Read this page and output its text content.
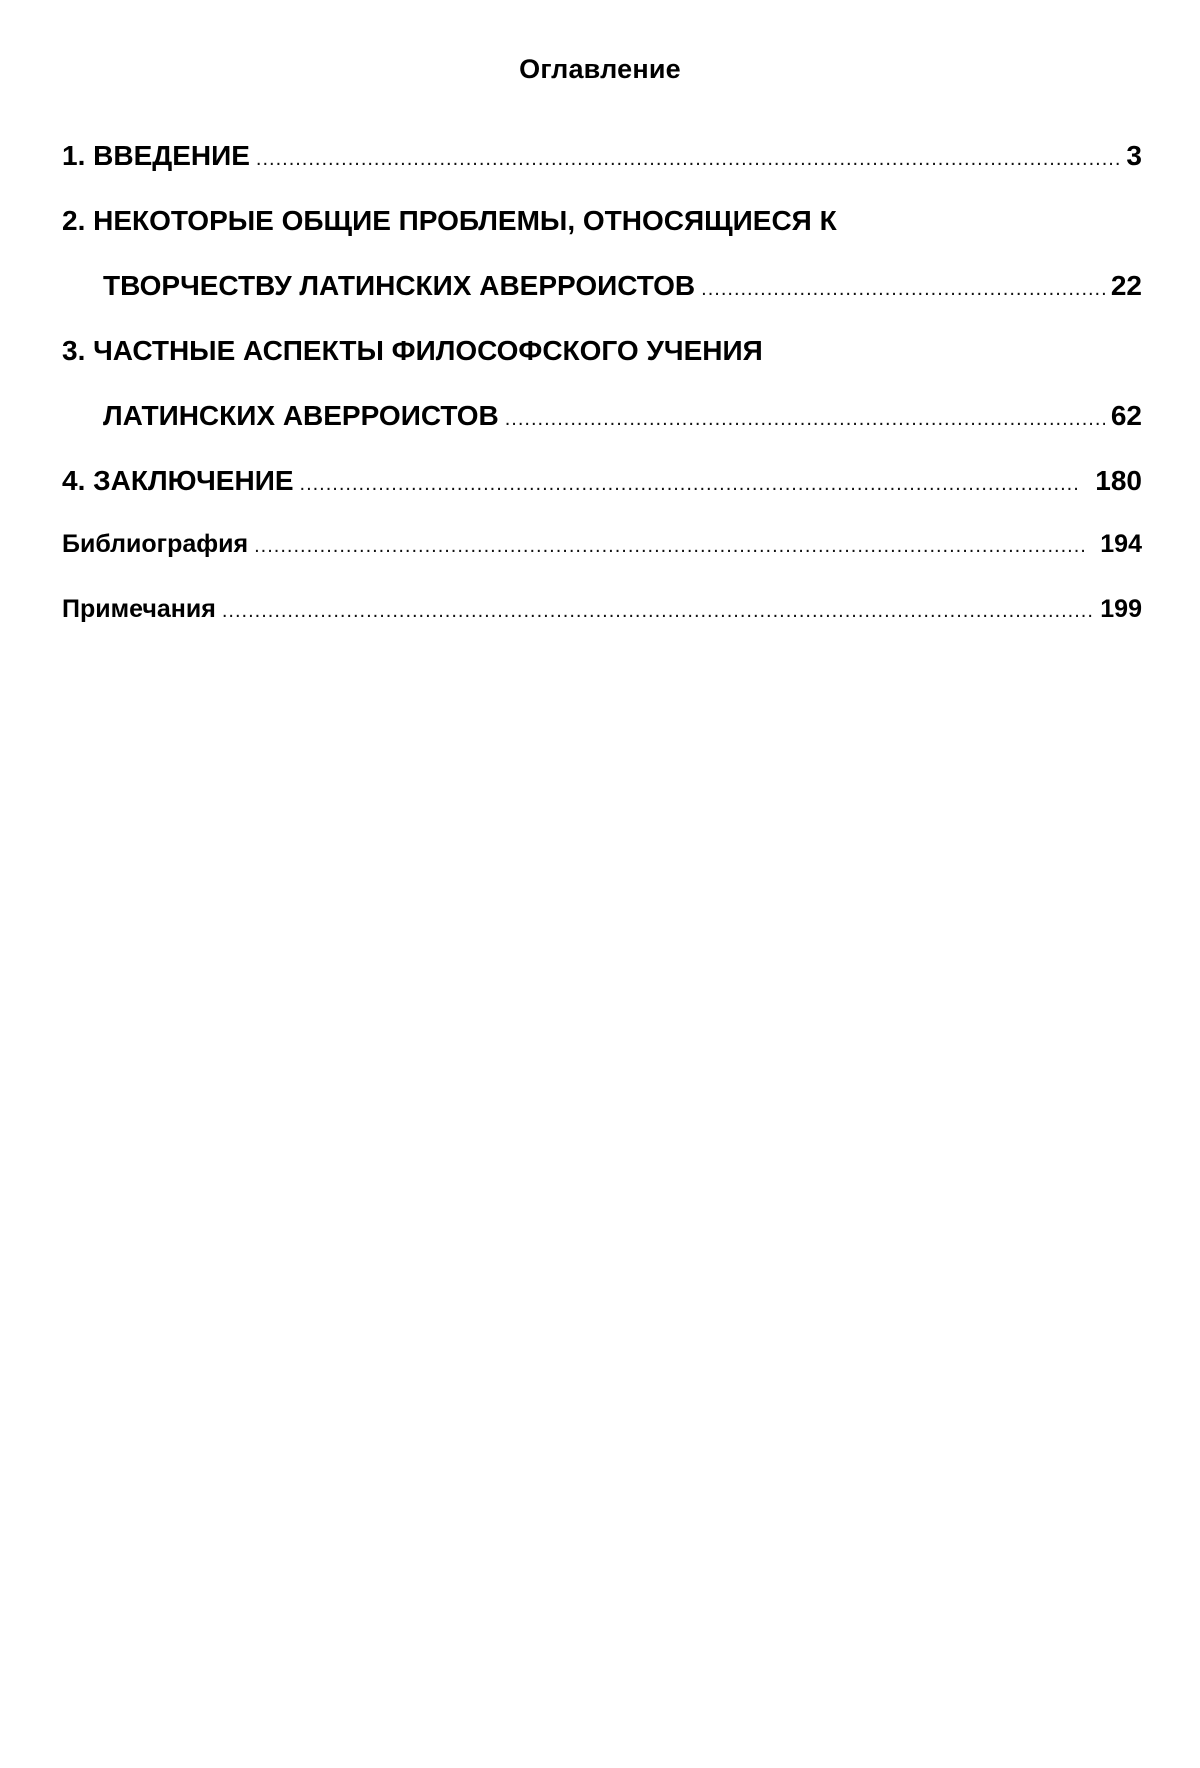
Оглавление
1. ВВЕДЕНИЕ .....	3
2. НЕКОТОРЫЕ ОБЩИЕ ПРОБЛЕМЫ, ОТНОСЯЩИЕСЯ К
ТВОРЧЕСТВУ ЛАТИНСКИХ АВЕРРОИСТОВ .....	22
3. ЧАСТНЫЕ АСПЕКТЫ ФИЛОСОФСКОГО УЧЕНИЯ
ЛАТИНСКИХ АВЕРРОИСТОВ .....	62
4. ЗАКЛЮЧЕНИЕ .....	180
Библиография .....	194
Примечания .....	199
